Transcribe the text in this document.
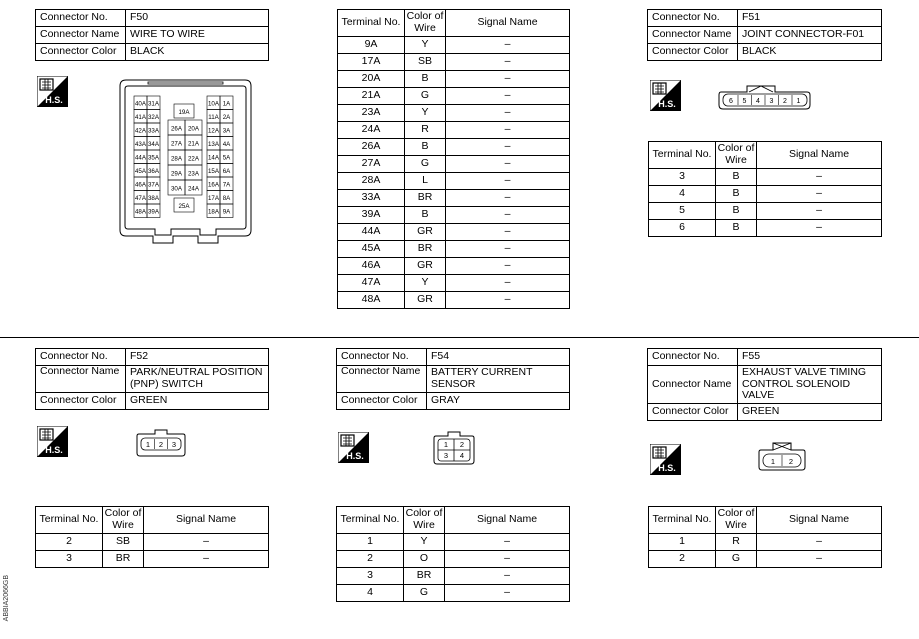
Connector No.	F50
Connector Name	WIRE TO WIRE
Connector Color	BLACK
40A 31A
41A 32A
42A 33A
43A 34A
44A 35A
45A 36A
46A 37A
47A 38A
48A 39A
10A 1A
11A 2A
12A 3A
13A 4A
14A 5A
15A 6A
16A 7A
17A 8A
18A 9A
19A
26A 20A
27A 21A
28A 22A
29A 23A
30A 24A
25A
Terminal No.	Color of Wire	Signal Name
9A	Y	–
17A	SB	–
20A	B	–
21A	G	–
23A	Y	–
24A	R	–
26A	B	–
27A	G	–
28A	L	–
33A	BR	–
39A	B	–
44A	GR	–
45A	BR	–
46A	GR	–
47A	Y	–
48A	GR	–
Connector No.	F51
Connector Name	JOINT CONNECTOR-F01
Connector Color	BLACK
6 5 4 3 2 1
Terminal No.	Color of Wire	Signal Name
3	B	–
4	B	–
5	B	–
6	B	–
Connector No.	F52
Connector Name	PARK/NEUTRAL POSITION (PNP) SWITCH
Connector Color	GREEN
1 2 3
Terminal No.	Color of Wire	Signal Name
2	SB	–
3	BR	–
Connector No.	F54
Connector Name	BATTERY CURRENT SENSOR
Connector Color	GRAY
1 2
3 4
Terminal No.	Color of Wire	Signal Name
1	Y	–
2	O	–
3	BR	–
4	G	–
Connector No.	F55
Connector Name	EXHAUST VALVE TIMING CONTROL SOLENOID VALVE
Connector Color	GREEN
1 2
Terminal No.	Color of Wire	Signal Name
1	R	–
2	G	–
ABBIA2066GB
